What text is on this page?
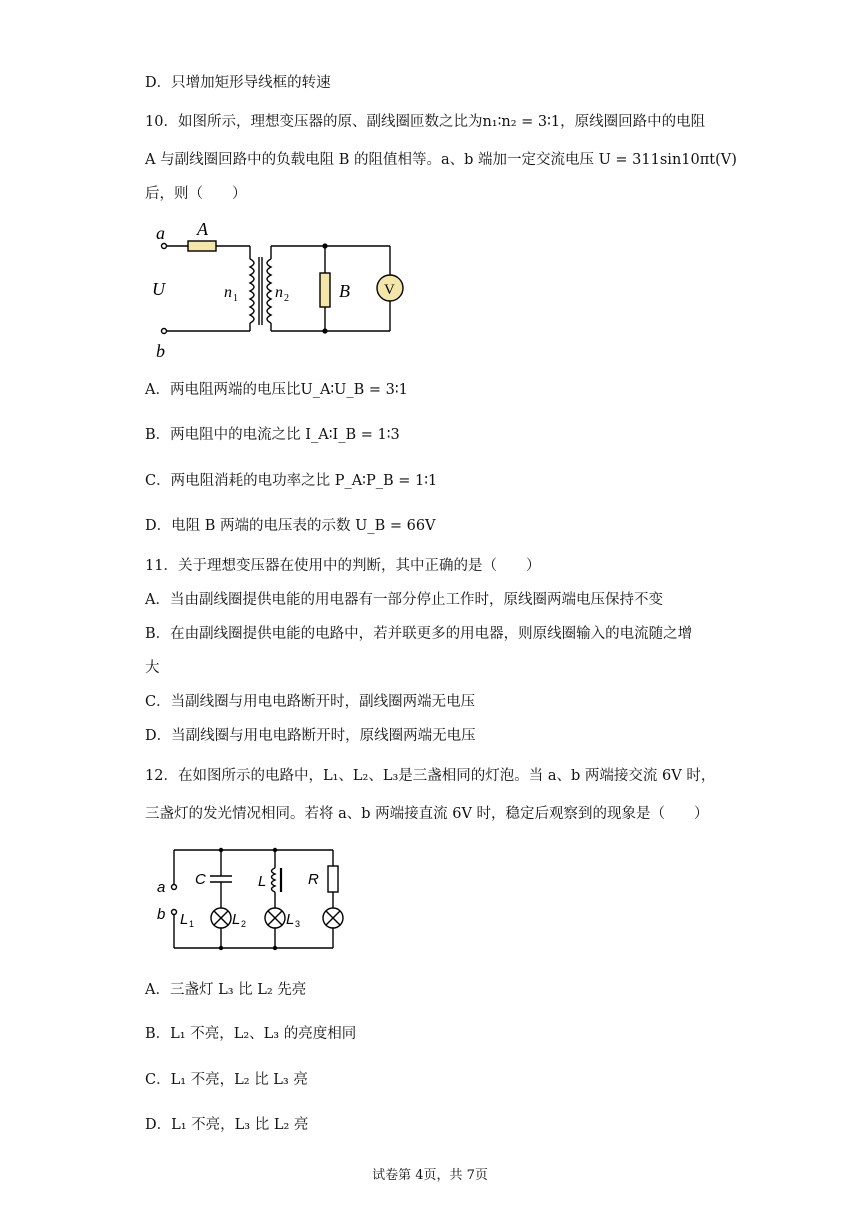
D．只增加矩形导线框的转速
10．如图所示，理想变压器的原、副线圈匝数之比为n₁∶n₂ = 3∶1，原线圈回路中的电阻
A 与副线圈回路中的负载电阻 B 的阻值相等。a、b 端加一定交流电压 U = 311sin10πt(V)
后，则（　　）
a
b
U
A
B
n 1 n 2
V
A．两电阻两端的电压比U_A∶U_B = 3∶1
B．两电阻中的电流之比 I_A∶I_B = 1∶3
C．两电阻消耗的电功率之比 P_A∶P_B = 1∶1
D．电阻 B 两端的电压表的示数 U_B = 66V
11．关于理想变压器在使用中的判断，其中正确的是（　　）
A．当由副线圈提供电能的用电器有一部分停止工作时，原线圈两端电压保持不变
B．在由副线圈提供电能的电路中，若并联更多的用电器，则原线圈输入的电流随之增
大
C．当副线圈与用电电路断开时，副线圈两端无电压
D．当副线圈与用电电路断开时，原线圈两端无电压
12．在如图所示的电路中，L₁、L₂、L₃是三盏相同的灯泡。当 a、b 两端接交流 6V 时，
三盏灯的发光情况相同。若将 a、b 两端接直流 6V 时，稳定后观察到的现象是（　　）
a
b
C	L	R
L	L	L
1	2	3
A．三盏灯 L₃ 比 L₂ 先亮
B．L₁ 不亮，L₂、L₃ 的亮度相同
C．L₁ 不亮，L₂ 比 L₃ 亮
D．L₁ 不亮，L₃ 比 L₂ 亮
试卷第 4页，共 7页
